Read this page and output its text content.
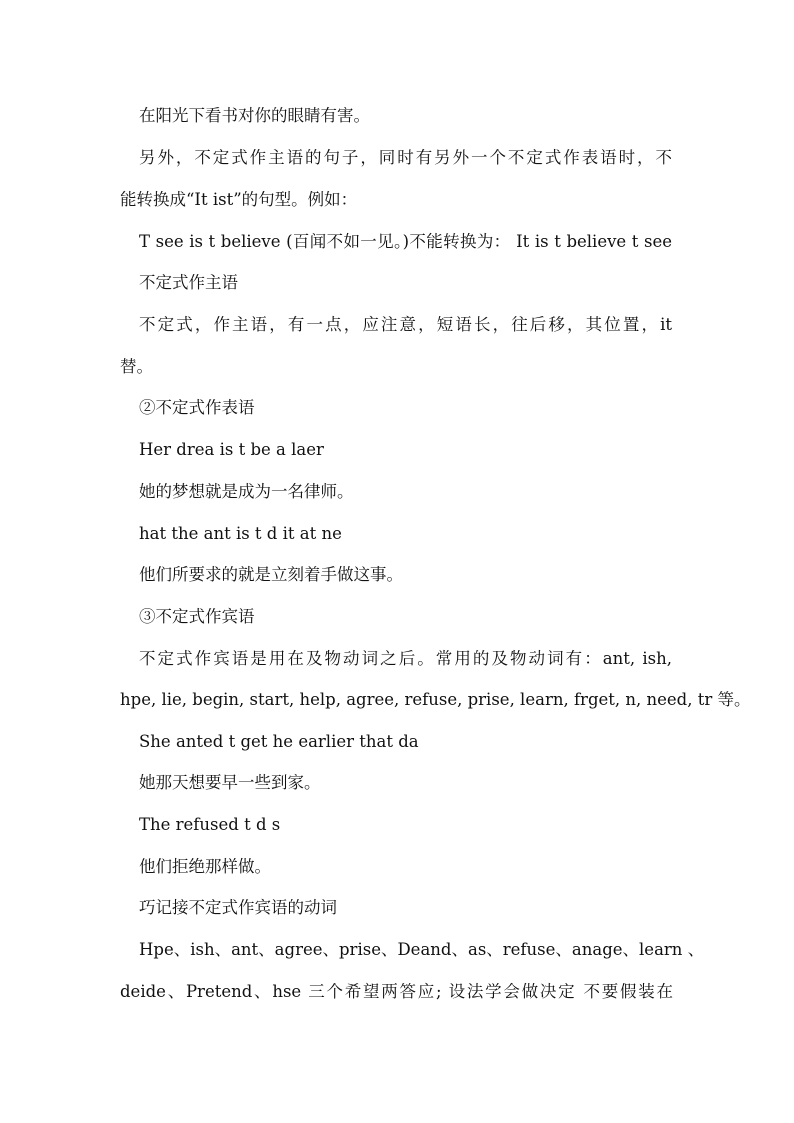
在阳光下看书对你的眼睛有害。
另外，不定式作主语的句子，同时有另外一个不定式作表语时，不
能转换成“It ist”的句型。例如：
T see is t believe (百闻不如一见。)不能转换为： It is t believe t see
不定式作主语
不定式，作主语，有一点，应注意，短语长，往后移，其位置，it
替。
②不定式作表语
Her drea is t be a laer
她的梦想就是成为一名律师。
hat the ant is t d it at ne
他们所要求的就是立刻着手做这事。
③不定式作宾语
不定式作宾语是用在及物动词之后。常用的及物动词有：ant, ish,
hpe, lie, begin, start, help, agree, refuse, prise, learn, frget, n, need, tr 等。
She anted t get he earlier that da
她那天想要早一些到家。
The refused t d s
他们拒绝那样做。
巧记接不定式作宾语的动词
Hpe、ish、ant、agree、prise、Deand、as、refuse、anage、learn 、
deide、Pretend、hse 三个希望两答应; 设法学会做决定 不要假装在
